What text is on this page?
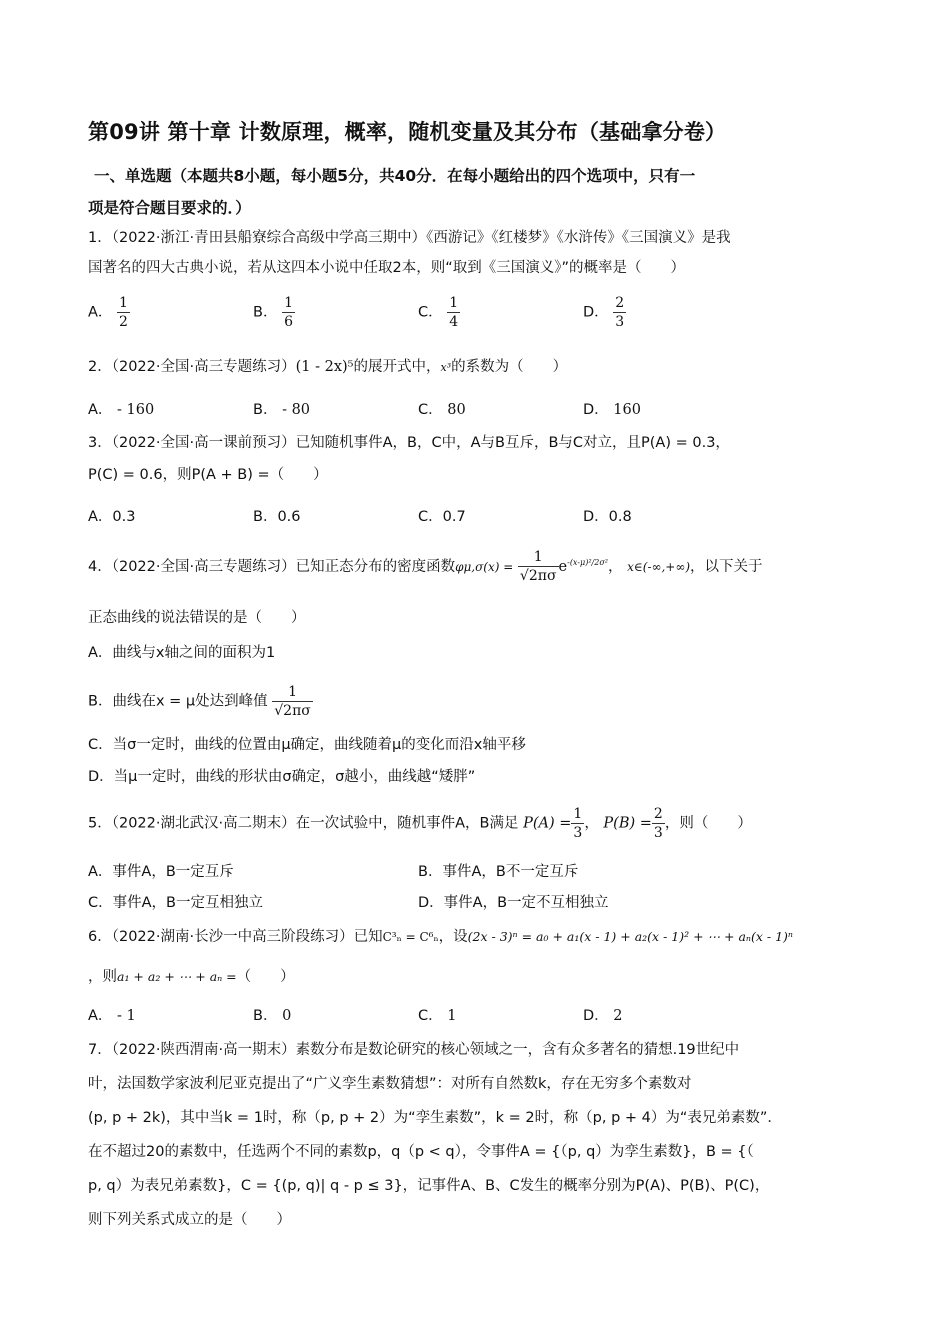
第09讲 第十章 计数原理，概率，随机变量及其分布（基础拿分卷）
一、单选题（本题共8小题，每小题5分，共40分．在每小题给出的四个选项中，只有一
项是符合题目要求的．）
1．（2022·浙江·青田县船寮综合高级中学高三期中）《西游记》《红楼梦》《水浒传》《三国演义》是我
国著名的四大古典小说，若从这四本小说中任取2本，则“取到《三国演义》”的概率是（　　）
A． $\frac{1}{2}$	B． $\frac{1}{6}$	C． $\frac{1}{4}$	D． $\frac{2}{3}$
2．（2022·全国·高三专题练习）(1 - 2x)⁵的展开式中，x³的系数为（　　）
A． - 160	B． - 80	C． 80	D． 160
3．（2022·全国·高一课前预习）已知随机事件A，B，C中，A与B互斥，B与C对立，且P(A) = 0.3，
P(C) = 0.6，则P(A + B) =（　　）
A．0.3	B．0.6	C．0.7	D．0.8
4．（2022·全国·高三专题练习）已知正态分布的密度函数$\varphi\mu,\sigma(x) = \frac{1}{√2\pi\sigma} e^{-(x-\mu)^2/2\sigma^2}$， x∈(-∞,+∞)，以下关于
正态曲线的说法错误的是（　　）
A．曲线与x轴之间的面积为1
B．曲线在x = μ处达到峰值 $\frac{1}{√2\pi\sigma}$
C．当σ一定时，曲线的位置由μ确定，曲线随着μ的变化而沿x轴平移
D．当μ一定时，曲线的形状由σ确定，σ越小，曲线越“矮胖”
5．（2022·湖北武汉·高二期末）在一次试验中，随机事件A，B满足 $P(A) = \frac{1}{3}$ ， $P(B) = \frac{2}{3}$ ，则（　　）
A．事件A，B一定互斥	B．事件A，B不一定互斥
C．事件A，B一定互相独立	D．事件A，B一定不互相独立
6．（2022·湖南·长沙一中高三阶段练习）已知C³ₙ = C⁶ₙ，设(2x - 3)ⁿ = a₀ + a₁(x - 1) + a₂(x - 1)² + ⋯ + aₙ(x - 1)ⁿ
，则a₁ + a₂ + ⋯ + aₙ =（　　）
A． - 1	B． 0	C． 1	D． 2
7．（2022·陕西渭南·高一期末）素数分布是数论研究的核心领域之一，含有众多著名的猜想.19世纪中
叶，法国数学家波利尼亚克提出了“广义孪生素数猜想”：对所有自然数k，存在无穷多个素数对
(p, p + 2k)，其中当k = 1时，称（p, p + 2）为“孪生素数”，k = 2时，称（p, p + 4）为“表兄弟素数”．
在不超过20的素数中，任选两个不同的素数p，q（p < q），令事件A = {（p, q）为孪生素数}，B = {（
p, q）为表兄弟素数}，C = {(p, q)| q - p ≤ 3}，记事件A、B、C发生的概率分别为P(A)、P(B)、P(C)，
则下列关系式成立的是（　　）
